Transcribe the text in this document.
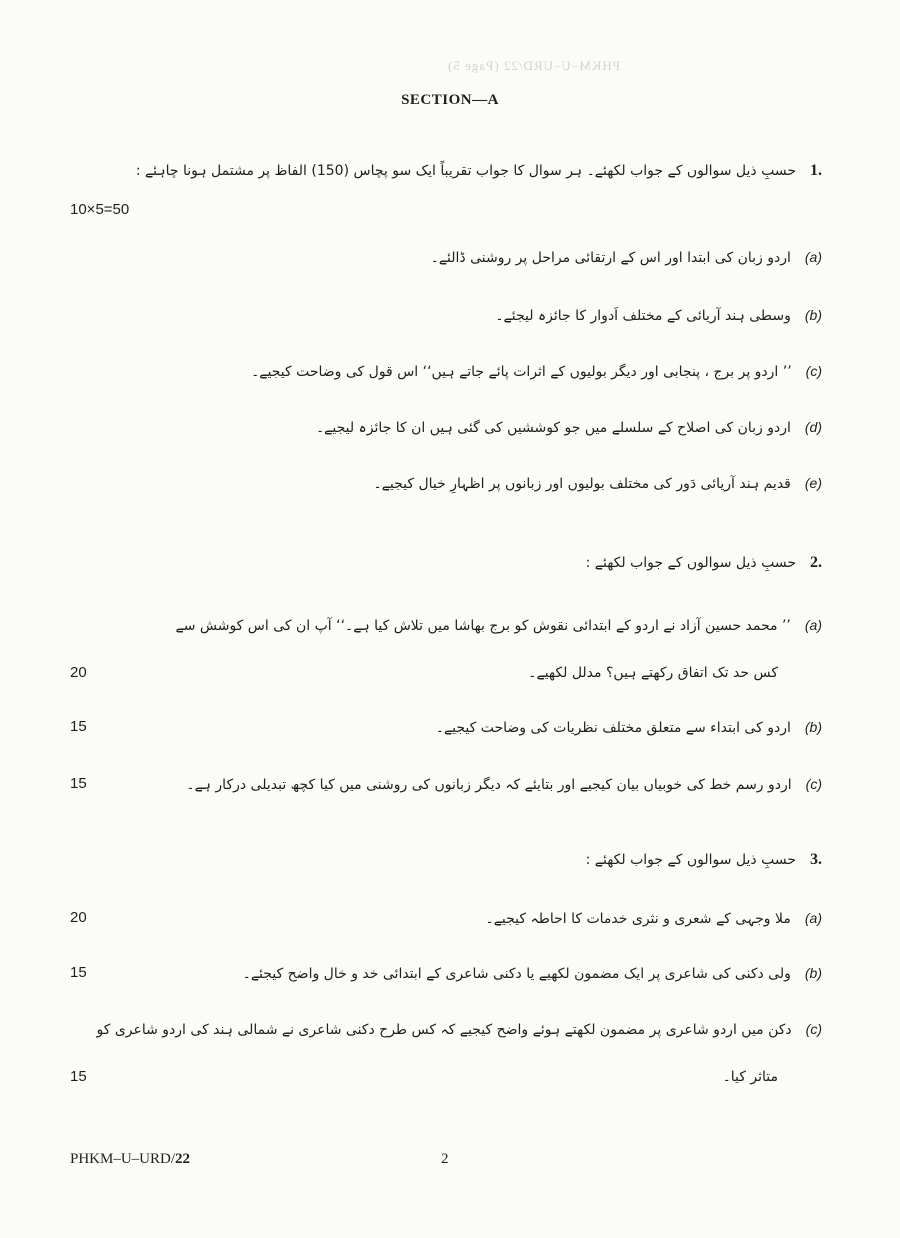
PHKM–U–URD/22 (Page 5)
SECTION—A
1.حسبِ ذیل سوالوں کے جواب لکھئے۔ ہر سوال کا جواب تقریباً ایک سو پچاس (150) الفاظ پر مشتمل ہونا چاہئے :
10×5=50
(a)اردو زبان کی ابتدا اور اس کے ارتقائی مراحل پر روشنی ڈالئے۔
(b)وسطی ہند آریائی کے مختلف اَدوار کا جائزہ لیجئے۔
(c)’’ اردو پر برج ، پنجابی اور دیگر بولیوں کے اثرات پائے جاتے ہیں‘‘ اس قول کی وضاحت کیجیے۔
(d)اردو زبان کی اصلاح کے سلسلے میں جو کوششیں کی گئی ہیں ان کا جائزہ لیجیے۔
(e)قدیم ہند آریائی دَور کی مختلف بولیوں اور زبانوں پر اظہارِ خیال کیجیے۔
2.حسبِ ذیل سوالوں کے جواب لکھئے :
(a)’’ محمد حسین آزاد نے اردو کے ابتدائی نقوش کو برج بھاشا میں تلاش کیا ہے۔‘‘ آپ ان کی اس کوشش سے
کس حد تک اتفاق رکھتے ہیں؟ مدلل لکھیے۔
20
(b)اردو کی ابتداء سے متعلق مختلف نظریات کی وضاحت کیجیے۔
15
(c)اردو رسم خط کی خوبیاں بیان کیجیے اور بتایئے کہ دیگر زبانوں کی روشنی میں کیا کچھ تبدیلی درکار ہے۔
15
3.حسبِ ذیل سوالوں کے جواب لکھئے :
(a)ملا وجہی کے شعری و نثری خدمات کا احاطہ کیجیے۔
20
(b)ولی دکنی کی شاعری پر ایک مضمون لکھیے یا دکنی شاعری کے ابتدائی خد و خال واضح کیجئے۔
15
(c)دکن میں اردو شاعری پر مضمون لکھتے ہوئے واضح کیجیے کہ کس طرح دکنی شاعری نے شمالی ہند کی اردو شاعری کو
متاثر کیا۔
15
PHKM–U–URD/22	2
